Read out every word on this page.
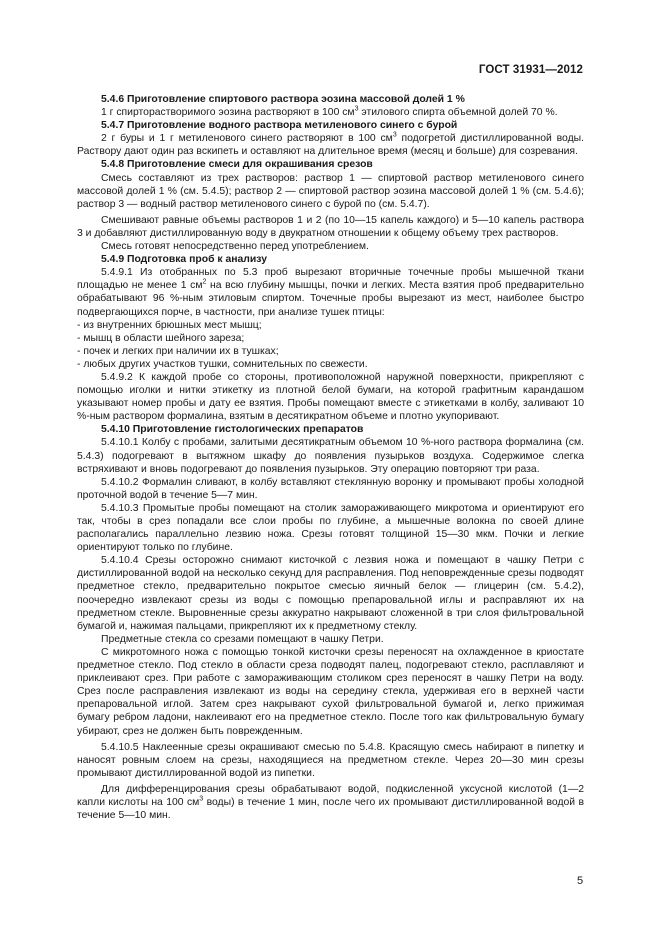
ГОСТ 31931—2012

5.4.6 Приготовление спиртового раствора эозина массовой долей 1 %

1 г спирторастворимого эозина растворяют в 100 $см^3$ этилового спирта объемной долей 70 %.

5.4.7 Приготовление водного раствора метиленового синего с бурой

2 г буры и 1 г метиленового синего растворяют в 100 $см^3$ подогретой дистиллированной воды. Раствору дают один раз вскипеть и оставляют на длительное время (месяц и больше) для созревания.

5.4.8 Приготовление смеси для окрашивания срезов

Смесь составляют из трех растворов: раствор 1 — спиртовой раствор метиленового синего массовой долей 1 % (см. 5.4.5); раствор 2 — спиртовой раствор эозина массовой долей 1 % (см. 5.4.6); раствор 3 — водный раствор метиленового синего с бурой по (см. 5.4.7).

Смешивают равные объемы растворов 1 и 2 (по 10—15 капель каждого) и 5—10 капель раствора 3 и добавляют дистиллированную воду в двукратном отношении к общему объему трех растворов.

Смесь готовят непосредственно перед употреблением.

5.4.9 Подготовка проб к анализу

5.4.9.1 Из отобранных по 5.3 проб вырезают вторичные точечные пробы мышечной ткани площадью не менее 1 $см^2$ на всю глубину мышцы, почки и легких. Места взятия проб предварительно обрабатывают 96 %-ным этиловым спиртом. Точечные пробы вырезают из мест, наиболее быстро подвергающихся порче, в частности, при анализе тушек птицы:

- из внутренних брюшных мест мышц;
- мышц в области шейного зареза;
- почек и легких при наличии их в тушках;
- любых других участков тушки, сомнительных по свежести.

5.4.9.2 К каждой пробе со стороны, противоположной наружной поверхности, прикрепляют с помощью иголки и нитки этикетку из плотной белой бумаги, на которой графитным карандашом указывают номер пробы и дату ее взятия. Пробы помещают вместе с этикетками в колбу, заливают 10 %-ным раствором формалина, взятым в десятикратном объеме и плотно укупоривают.

5.4.10 Приготовление гистологических препаратов

5.4.10.1 Колбу с пробами, залитыми десятикратным объемом 10 %-ного раствора формалина (см. 5.4.3) подогревают в вытяжном шкафу до появления пузырьков воздуха. Содержимое слегка встряхивают и вновь подогревают до появления пузырьков. Эту операцию повторяют три раза.

5.4.10.2 Формалин сливают, в колбу вставляют стеклянную воронку и промывают пробы холодной проточной водой в течение 5—7 мин.

5.4.10.3 Промытые пробы помещают на столик замораживающего микротома и ориентируют его так, чтобы в срез попадали все слои пробы по глубине, а мышечные волокна по своей длине располагались параллельно лезвию ножа. Срезы готовят толщиной 15—30 мкм. Почки и легкие ориентируют только по глубине.

5.4.10.4 Срезы осторожно снимают кисточкой с лезвия ножа и помещают в чашку Петри с дистиллированной водой на несколько секунд для расправления. Под неповрежденные срезы подводят предметное стекло, предварительно покрытое смесью яичный белок — глицерин (см. 5.4.2), поочередно извлекают срезы из воды с помощью препаровальной иглы и расправляют их на предметном стекле. Выровненные срезы аккуратно накрывают сложенной в три слоя фильтровальной бумагой и, нажимая пальцами, прикрепляют их к предметному стеклу.

Предметные стекла со срезами помещают в чашку Петри.

С микротомного ножа с помощью тонкой кисточки срезы переносят на охлажденное в криостате предметное стекло. Под стекло в области среза подводят палец, подогревают стекло, расплавляют и приклеивают срез. При работе с замораживающим столиком срез переносят в чашку Петри на воду. Срез после расправления извлекают из воды на середину стекла, удерживая его в верхней части препаровальной иглой. Затем срез накрывают сухой фильтровальной бумагой и, легко прижимая бумагу ребром ладони, наклеивают его на предметное стекло. После того как фильтровальную бумагу убирают, срез не должен быть поврежденным.

5.4.10.5 Наклеенные срезы окрашивают смесью по 5.4.8. Красящую смесь набирают в пипетку и наносят ровным слоем на срезы, находящиеся на предметном стекле. Через 20—30 мин срезы промывают дистиллированной водой из пипетки.

Для дифференцирования срезы обрабатывают водой, подкисленной уксусной кислотой (1—2 капли кислоты на 100 $см^3$ воды) в течение 1 мин, после чего их промывают дистиллированной водой в течение 5—10 мин.

5
